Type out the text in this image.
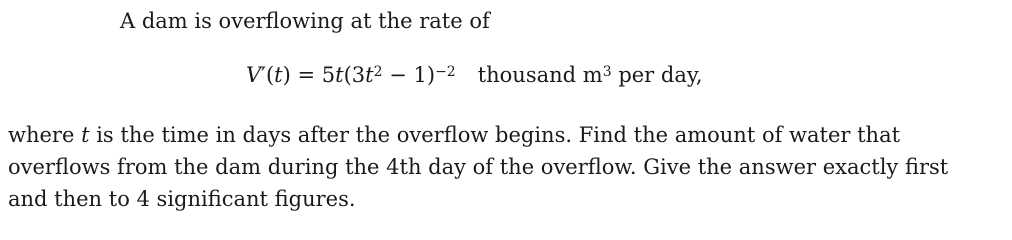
A dam is overflowing at the rate of
$V'(t) = 5t(3t^2 - 1)^{-2}$ thousand $m^3$ per day,
where t is the time in days after the overflow begins. Find the amount of water that
overflows from the dam during the 4th day of the overflow. Give the answer exactly first
and then to 4 significant figures.
